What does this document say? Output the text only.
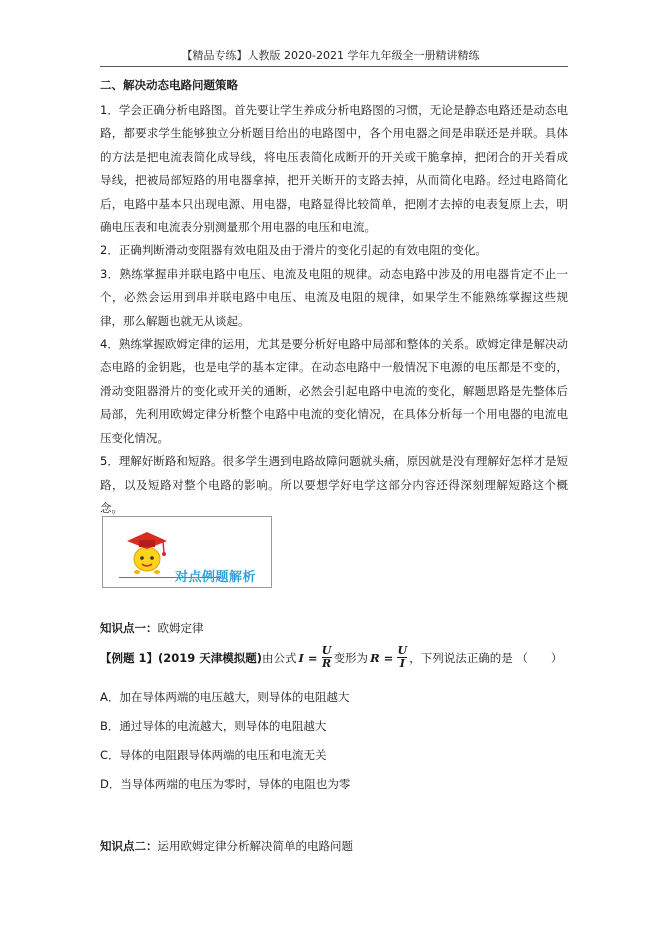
【精品专练】人教版 2020-2021 学年九年级全一册精讲精练
二、解决动态电路问题策略

1．学会正确分析电路图。首先要让学生养成分析电路图的习惯，无论是静态电路还是动态电路，都要求学生能够独立分析题目给出的电路图中，各个用电器之间是串联还是并联。具体的方法是把电流表简化成导线，将电压表简化成断开的开关或干脆拿掉，把闭合的开关看成导线，把被局部短路的用电器拿掉，把开关断开的支路去掉，从而简化电路。经过电路简化后，电路中基本只出现电源、用电器，电路显得比较简单，把刚才去掉的电表复原上去，明确电压表和电流表分别测量那个用电器的电压和电流。

2．正确判断滑动变阻器有效电阻及由于滑片的变化引起的有效电阻的变化。

3．熟练掌握串并联电路中电压、电流及电阻的规律。动态电路中涉及的用电器肯定不止一个，必然会运用到串并联电路中电压、电流及电阻的规律，如果学生不能熟练掌握这些规律，那么解题也就无从谈起。

4．熟练掌握欧姆定律的运用，尤其是要分析好电路中局部和整体的关系。欧姆定律是解决动态电路的金钥匙，也是电学的基本定律。在动态电路中一般情况下电源的电压都是不变的，滑动变阻器滑片的变化或开关的通断，必然会引起电路中电流的变化，解题思路是先整体后局部，先利用欧姆定律分析整个电路中电流的变化情况，在具体分析每一个用电器的电流电压变化情况。

5．理解好断路和短路。很多学生遇到电路故障问题就头痛，原因就是没有理解好怎样才是短路，以及短路对整个电路的影响。所以要想学好电学这部分内容还得深刻理解短路这个概念。

对点例题解析
知识点一：欧姆定律
【例题 1】(2019 天津模拟题) 由公式 $I = \frac{U}{R}$ 变形为 $R = \frac{U}{I}$ ，下列说法正确的是 （　　）
A．加在导体两端的电压越大，则导体的电阻越大
B．通过导体的电流越大，则导体的电阻越大
C．导体的电阻跟导体两端的电压和电流无关
D．当导体两端的电压为零时，导体的电阻也为零
知识点二：运用欧姆定律分析解决简单的电路问题
